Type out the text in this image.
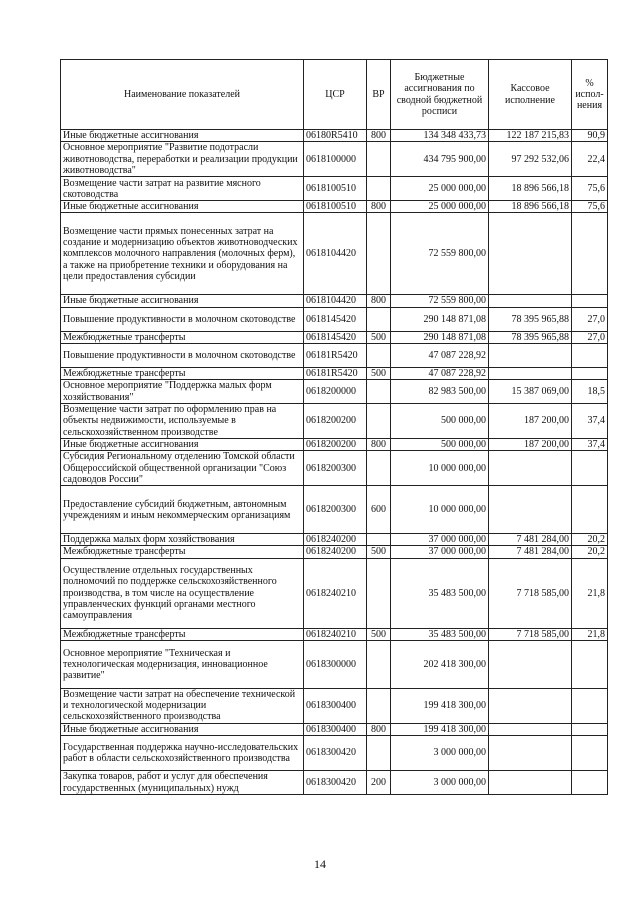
Наименование показателей	ЦСР	ВР	Бюджетные ассигнования по сводной бюджетной росписи	Кассовое исполнение	% испол-нения
Иные бюджетные ассигнования	06180R5410	800	134 348 433,73	122 187 215,83	90,9
Основное мероприятие "Развитие подотрасли животноводства, переработки и реализации продукции животноводства"	0618100000		434 795 900,00	97 292 532,06	22,4
Возмещение части затрат на развитие мясного скотоводства	0618100510		25 000 000,00	18 896 566,18	75,6
Иные бюджетные ассигнования	0618100510	800	25 000 000,00	18 896 566,18	75,6
Возмещение части прямых понесенных затрат на создание и модернизацию объектов животноводческих комплексов молочного направления (молочных ферм), а также на приобретение техники и оборудования на цели предоставления субсидии	0618104420		72 559 800,00		
Иные бюджетные ассигнования	0618104420	800	72 559 800,00		
Повышение продуктивности в молочном скотоводстве	0618145420		290 148 871,08	78 395 965,88	27,0
Межбюджетные трансферты	0618145420	500	290 148 871,08	78 395 965,88	27,0
Повышение продуктивности в молочном скотоводстве	06181R5420		47 087 228,92		
Межбюджетные трансферты	06181R5420	500	47 087 228,92		
Основное мероприятие "Поддержка малых форм хозяйствования"	0618200000		82 983 500,00	15 387 069,00	18,5
Возмещение части затрат по оформлению прав на объекты недвижимости, используемые в сельскохозяйственном производстве	0618200200		500 000,00	187 200,00	37,4
Иные бюджетные ассигнования	0618200200	800	500 000,00	187 200,00	37,4
Субсидия Региональному отделению Томской области Общероссийской общественной организации "Союз садоводов России"	0618200300		10 000 000,00		
Предоставление субсидий бюджетным, автономным учреждениям и иным некоммерческим организациям	0618200300	600	10 000 000,00		
Поддержка малых форм хозяйствования	0618240200		37 000 000,00	7 481 284,00	20,2
Межбюджетные трансферты	0618240200	500	37 000 000,00	7 481 284,00	20,2
Осуществление отдельных государственных полномочий по поддержке сельскохозяйственного производства, в том числе на осуществление управленческих функций органами местного самоуправления	0618240210		35 483 500,00	7 718 585,00	21,8
Межбюджетные трансферты	0618240210	500	35 483 500,00	7 718 585,00	21,8
Основное мероприятие "Техническая и технологическая модернизация, инновационное развитие"	0618300000		202 418 300,00		
Возмещение части затрат на обеспечение технической и технологической модернизации сельскохозяйственного производства	0618300400		199 418 300,00		
Иные бюджетные ассигнования	0618300400	800	199 418 300,00		
Государственная поддержка научно-исследовательских работ в области сельскохозяйственного производства	0618300420		3 000 000,00		
Закупка товаров, работ и услуг для обеспечения государственных (муниципальных) нужд	0618300420	200	3 000 000,00		
14
